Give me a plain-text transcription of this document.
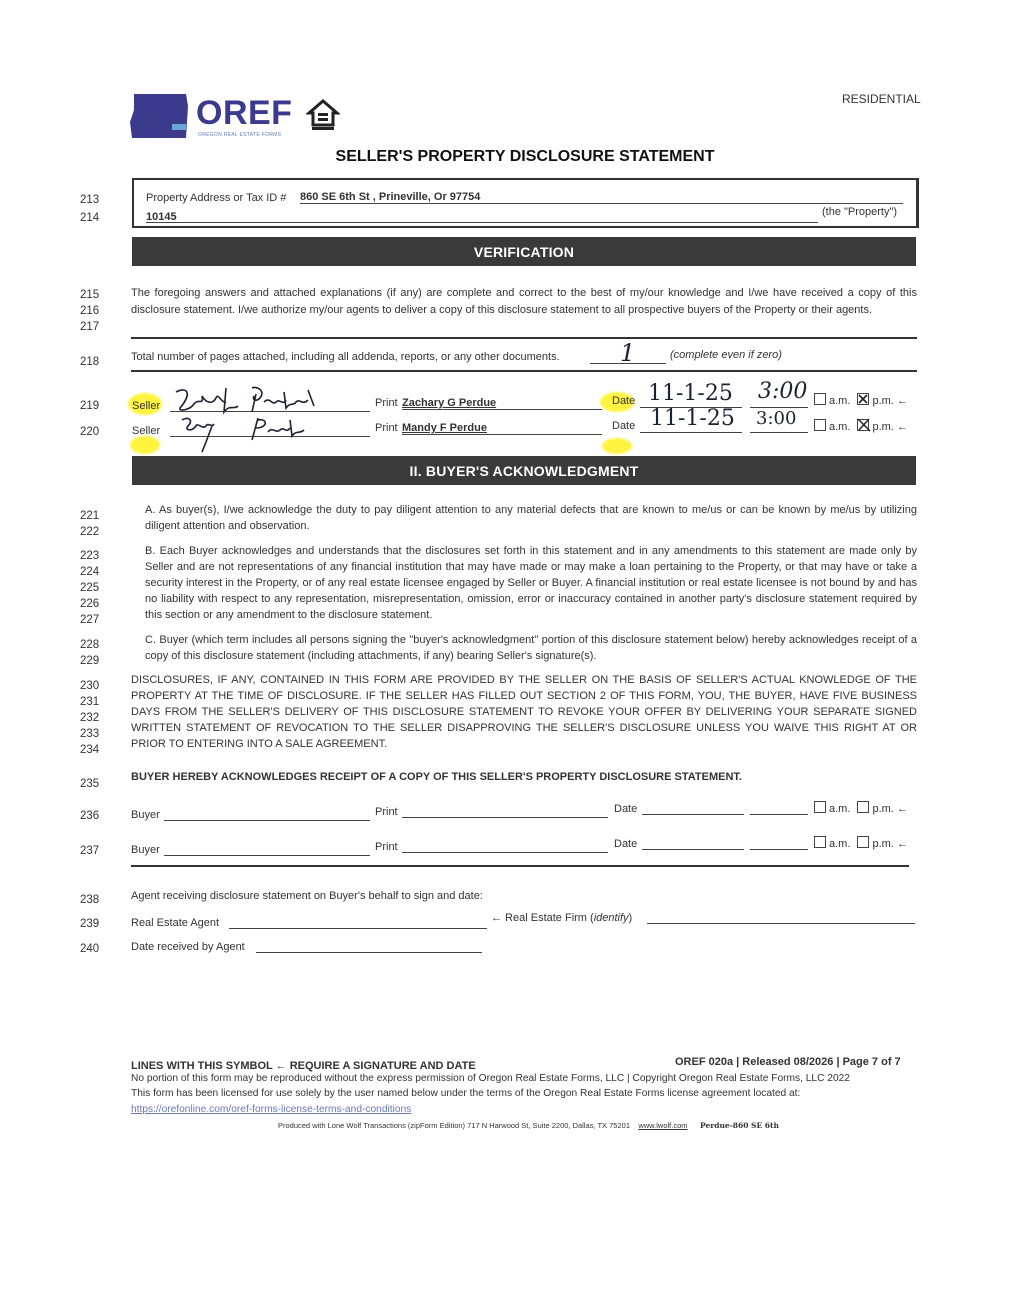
OREF
OREGON REAL ESTATE FORMS
RESIDENTIAL
SELLER'S PROPERTY DISCLOSURE STATEMENT
213
214
Property Address or Tax ID # 860 SE 6th St , Prineville, Or 97754
10145	(the "Property")
VERIFICATION
215
216
217
The foregoing answers and attached explanations (if any) are complete and correct to the best of my/our knowledge and I/we have received a copy of this disclosure statement. I/we authorize my/our agents to deliver a copy of this disclosure statement to all prospective buyers of the Property or their agents.
218	Total number of pages attached, including all addenda, reports, or any other documents.	1	(complete even if zero)
219	Seller	Print Zachary G Perdue	Date 11-1-25 3:00	a.m. p.m. ←
220	Seller	Print Mandy F Perdue	Date 11-1-25 3:00	a.m. p.m. ←
II. BUYER'S ACKNOWLEDGMENT
221
222
A. As buyer(s), I/we acknowledge the duty to pay diligent attention to any material defects that are known to me/us or can be known by me/us by utilizing diligent attention and observation.
223
224
225
226
227
B. Each Buyer acknowledges and understands that the disclosures set forth in this statement and in any amendments to this statement are made only by Seller and are not representations of any financial institution that may have made or may make a loan pertaining to the Property, or that may have or take a security interest in the Property, or of any real estate licensee engaged by Seller or Buyer. A financial institution or real estate licensee is not bound by and has no liability with respect to any representation, misrepresentation, omission, error or inaccuracy contained in another party's disclosure statement required by this section or any amendment to the disclosure statement.
228
229
C. Buyer (which term includes all persons signing the "buyer's acknowledgment" portion of this disclosure statement below) hereby acknowledges receipt of a copy of this disclosure statement (including attachments, if any) bearing Seller's signature(s).
230
231
232
233
234
DISCLOSURES, IF ANY, CONTAINED IN THIS FORM ARE PROVIDED BY THE SELLER ON THE BASIS OF SELLER'S ACTUAL KNOWLEDGE OF THE PROPERTY AT THE TIME OF DISCLOSURE. IF THE SELLER HAS FILLED OUT SECTION 2 OF THIS FORM, YOU, THE BUYER, HAVE FIVE BUSINESS DAYS FROM THE SELLER'S DELIVERY OF THIS DISCLOSURE STATEMENT TO REVOKE YOUR OFFER BY DELIVERING YOUR SEPARATE SIGNED WRITTEN STATEMENT OF REVOCATION TO THE SELLER DISAPPROVING THE SELLER'S DISCLOSURE UNLESS YOU WAIVE THIS RIGHT AT OR PRIOR TO ENTERING INTO A SALE AGREEMENT.
235
BUYER HEREBY ACKNOWLEDGES RECEIPT OF A COPY OF THIS SELLER'S PROPERTY DISCLOSURE STATEMENT.
236	Buyer	Print	Date	a.m. p.m. ←
237	Buyer	Print	Date	a.m. p.m. ←
238	Agent receiving disclosure statement on Buyer's behalf to sign and date:
239	Real Estate Agent	← Real Estate Firm (identify)
240	Date received by Agent
LINES WITH THIS SYMBOL ← REQUIRE A SIGNATURE AND DATE	OREF 020a | Released 08/2026 | Page 7 of 7
No portion of this form may be reproduced without the express permission of Oregon Real Estate Forms, LLC | Copyright Oregon Real Estate Forms, LLC 2022
This form has been licensed for use solely by the user named below under the terms of the Oregon Real Estate Forms license agreement located at:
https://orefonline.com/oref-forms-license-terms-and-conditions
Produced with Lone Wolf Transactions (zipForm Edition) 717 N Harwood St, Suite 2200, Dallas, TX 75201 www.lwolf.com Perdue-860 SE 6th
